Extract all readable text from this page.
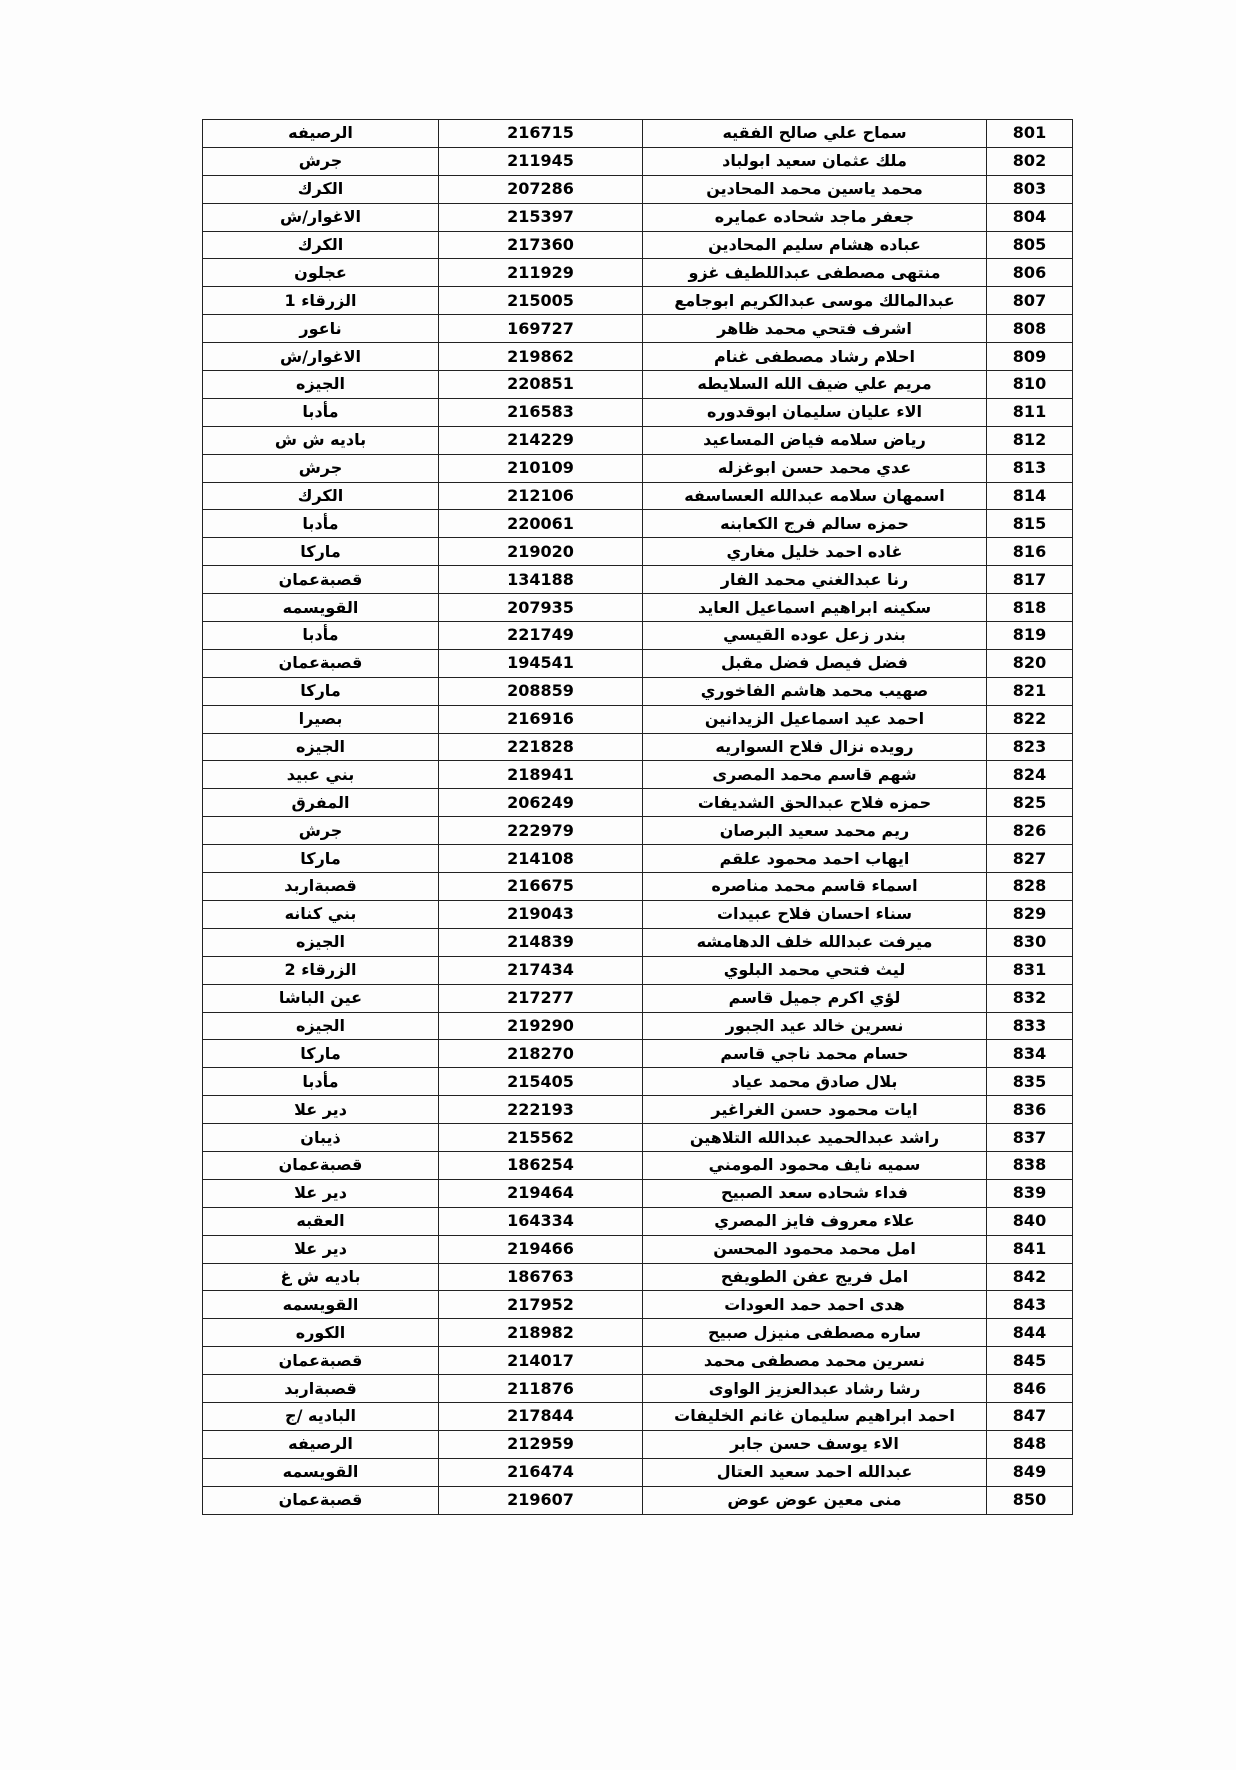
801	سماح علي صالح الفقيه	216715	الرصيفه
802	ملك عثمان سعيد ابولباد	211945	جرش
803	محمد ياسين محمد المحادين	207286	الكرك
804	جعفر ماجد شحاده عمايره	215397	الاغوار/ش
805	عباده هشام سليم المحادين	217360	الكرك
806	منتهى مصطفى عبداللطيف غزو	211929	عجلون
807	عبدالمالك موسى عبدالكريم ابوجامع	215005	الزرقاء 1
808	اشرف فتحي محمد ظاهر	169727	ناعور
809	احلام رشاد مصطفى غنام	219862	الاغوار/ش
810	مريم علي ضيف الله السلايطه	220851	الجيزه
811	الاء عليان سليمان ابوقدوره	216583	مأدبا
812	رياض سلامه فياض المساعيد	214229	باديه ش ش
813	عدي محمد حسن ابوغزله	210109	جرش
814	اسمهان سلامه عبدالله العساسفه	212106	الكرك
815	حمزه سالم فرج الكعابنه	220061	مأدبا
816	غاده احمد خليل مغاري	219020	ماركا
817	رنا عبدالغني محمد الفار	134188	قصبةعمان
818	سكينه ابراهيم اسماعيل العايد	207935	القويسمه
819	بندر زعل عوده القيسي	221749	مأدبا
820	فضل فيصل فضل مقبل	194541	قصبةعمان
821	صهيب محمد هاشم الفاخوري	208859	ماركا
822	احمد عيد اسماعيل الزيدانين	216916	بصيرا
823	رويده نزال فلاح السواريه	221828	الجيزه
824	شهم قاسم محمد المصرى	218941	بني عبيد
825	حمزه فلاح عبدالحق الشديفات	206249	المفرق
826	ريم محمد سعيد البرصان	222979	جرش
827	ايهاب احمد محمود علقم	214108	ماركا
828	اسماء قاسم محمد مناصره	216675	قصبةاربد
829	سناء احسان فلاح عبيدات	219043	بني كنانه
830	ميرفت عبدالله خلف الدهامشه	214839	الجيزه
831	ليث فتحي محمد البلوي	217434	الزرقاء 2
832	لؤي اكرم جميل قاسم	217277	عين الباشا
833	نسرين خالد عيد الجبور	219290	الجيزه
834	حسام محمد ناجي قاسم	218270	ماركا
835	بلال صادق محمد عياد	215405	مأدبا
836	ايات محمود حسن الغراغير	222193	دير علا
837	راشد عبدالحميد عبدالله التلاهين	215562	ذيبان
838	سميه نايف محمود المومني	186254	قصبةعمان
839	فداء شحاده سعد الصبيح	219464	دير علا
840	علاء معروف فايز المصري	164334	العقبه
841	امل محمد محمود المحسن	219466	دير علا
842	امل فريج عفن الطويفح	186763	باديه ش غ
843	هدى احمد حمد العودات	217952	القويسمه
844	ساره مصطفى منيزل صبيح	218982	الكوره
845	نسرين محمد مصطفى محمد	214017	قصبةعمان
846	رشا رشاد عبدالعزيز الواوى	211876	قصبةاربد
847	احمد ابراهيم سليمان غانم الخليفات	217844	الباديه /ج
848	الاء يوسف حسن جابر	212959	الرصيفه
849	عبدالله احمد سعيد العتال	216474	القويسمه
850	منى معين عوض عوض	219607	قصبةعمان
